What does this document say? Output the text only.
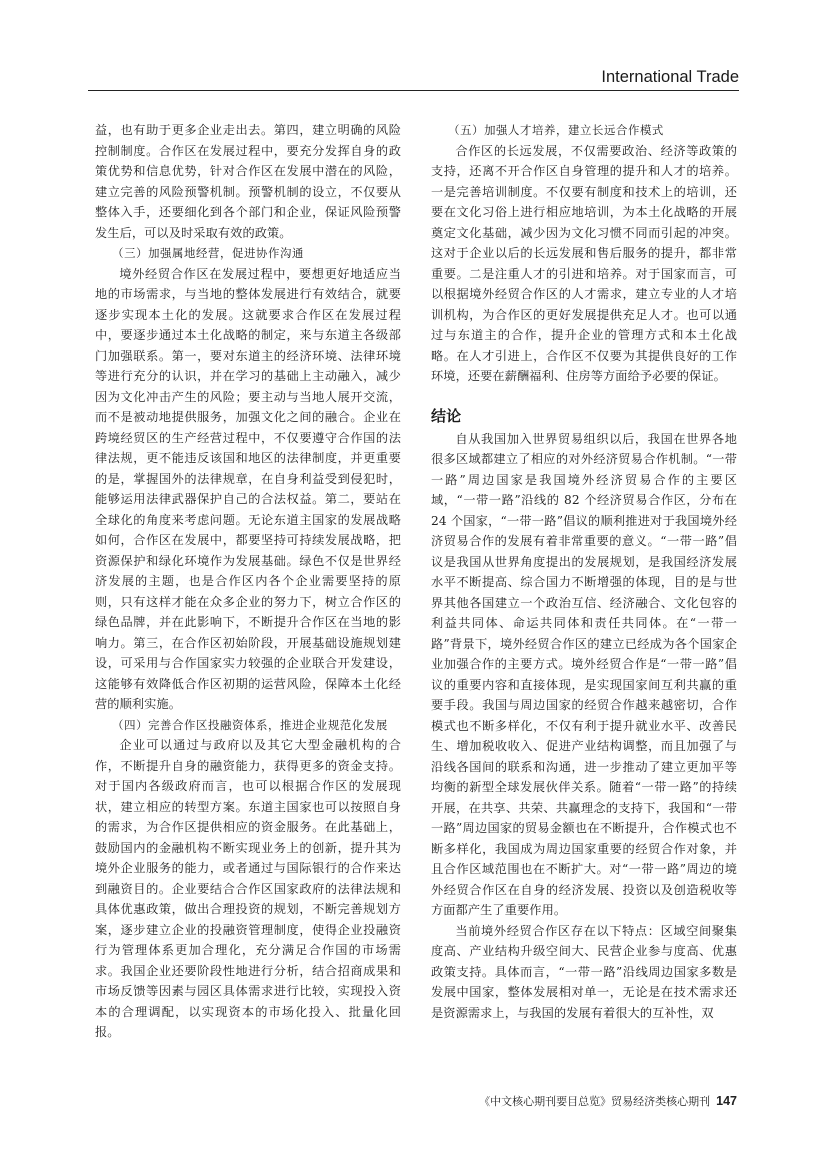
International Trade

益，也有助于更多企业走出去。第四，建立明确的风险控制制度。合作区在发展过程中，要充分发挥自身的政策优势和信息优势，针对合作区在发展中潜在的风险，建立完善的风险预警机制。预警机制的设立，不仅要从整体入手，还要细化到各个部门和企业，保证风险预警发生后，可以及时采取有效的政策。

（三）加强属地经营，促进协作沟通

境外经贸合作区在发展过程中，要想更好地适应当地的市场需求，与当地的整体发展进行有效结合，就要逐步实现本土化的发展。这就要求合作区在发展过程中，要逐步通过本土化战略的制定，来与东道主各级部门加强联系。第一，要对东道主的经济环境、法律环境等进行充分的认识，并在学习的基础上主动融入，减少因为文化冲击产生的风险；要主动与当地人展开交流，而不是被动地提供服务，加强文化之间的融合。企业在跨境经贸区的生产经营过程中，不仅要遵守合作国的法律法规，更不能违反该国和地区的法律制度，并更重要的是，掌握国外的法律规章，在自身利益受到侵犯时，能够运用法律武器保护自己的合法权益。第二，要站在全球化的角度来考虑问题。无论东道主国家的发展战略如何，合作区在发展中，都要坚持可持续发展战略，把资源保护和绿化环境作为发展基础。绿色不仅是世界经济发展的主题，也是合作区内各个企业需要坚持的原则，只有这样才能在众多企业的努力下，树立合作区的绿色品牌，并在此影响下，不断提升合作区在当地的影响力。第三，在合作区初始阶段，开展基础设施规划建设，可采用与合作国家实力较强的企业联合开发建设，这能够有效降低合作区初期的运营风险，保障本土化经营的顺利实施。

（四）完善合作区投融资体系，推进企业规范化发展

企业可以通过与政府以及其它大型金融机构的合作，不断提升自身的融资能力，获得更多的资金支持。对于国内各级政府而言，也可以根据合作区的发展现状，建立相应的转型方案。东道主国家也可以按照自身的需求，为合作区提供相应的资金服务。在此基础上，鼓励国内的金融机构不断实现业务上的创新，提升其为境外企业服务的能力，或者通过与国际银行的合作来达到融资目的。企业要结合合作区国家政府的法律法规和具体优惠政策，做出合理投资的规划，不断完善规划方案，逐步建立企业的投融资管理制度，使得企业投融资行为管理体系更加合理化，充分满足合作国的市场需求。我国企业还要阶段性地进行分析，结合招商成果和市场反馈等因素与园区具体需求进行比较，实现投入资本的合理调配，以实现资本的市场化投入、批量化回报。

（五）加强人才培养，建立长远合作模式

合作区的长远发展，不仅需要政治、经济等政策的支持，还离不开合作区自身管理的提升和人才的培养。一是完善培训制度。不仅要有制度和技术上的培训，还要在文化习俗上进行相应地培训，为本土化战略的开展奠定文化基础，减少因为文化习惯不同而引起的冲突。这对于企业以后的长远发展和售后服务的提升，都非常重要。二是注重人才的引进和培养。对于国家而言，可以根据境外经贸合作区的人才需求，建立专业的人才培训机构，为合作区的更好发展提供充足人才。也可以通过与东道主的合作，提升企业的管理方式和本土化战略。在人才引进上，合作区不仅要为其提供良好的工作环境，还要在薪酬福利、住房等方面给予必要的保证。

结论

自从我国加入世界贸易组织以后，我国在世界各地很多区域都建立了相应的对外经济贸易合作机制。“一带一路”周边国家是我国境外经济贸易合作的主要区域，“一带一路”沿线的 82 个经济贸易合作区，分布在 24 个国家，“一带一路”倡议的顺利推进对于我国境外经济贸易合作的发展有着非常重要的意义。“一带一路”倡议是我国从世界角度提出的发展规划，是我国经济发展水平不断提高、综合国力不断增强的体现，目的是与世界其他各国建立一个政治互信、经济融合、文化包容的利益共同体、命运共同体和责任共同体。在“一带一路”背景下，境外经贸合作区的建立已经成为各个国家企业加强合作的主要方式。境外经贸合作是“一带一路”倡议的重要内容和直接体现，是实现国家间互利共赢的重要手段。我国与周边国家的经贸合作越来越密切，合作模式也不断多样化，不仅有利于提升就业水平、改善民生、增加税收收入、促进产业结构调整，而且加强了与沿线各国间的联系和沟通，进一步推动了建立更加平等均衡的新型全球发展伙伴关系。随着“一带一路”的持续开展，在共享、共荣、共赢理念的支持下，我国和“一带一路”周边国家的贸易金额也在不断提升，合作模式也不断多样化，我国成为周边国家重要的经贸合作对象，并且合作区域范围也在不断扩大。对“一带一路”周边的境外经贸合作区在自身的经济发展、投资以及创造税收等方面都产生了重要作用。

当前境外经贸合作区存在以下特点：区域空间聚集度高、产业结构升级空间大、民营企业参与度高、优惠政策支持。具体而言，“一带一路”沿线周边国家多数是发展中国家，整体发展相对单一，无论是在技术需求还是资源需求上，与我国的发展有着很大的互补性，双

《中文核心期刊要目总览》贸易经济类核心期刊 147
